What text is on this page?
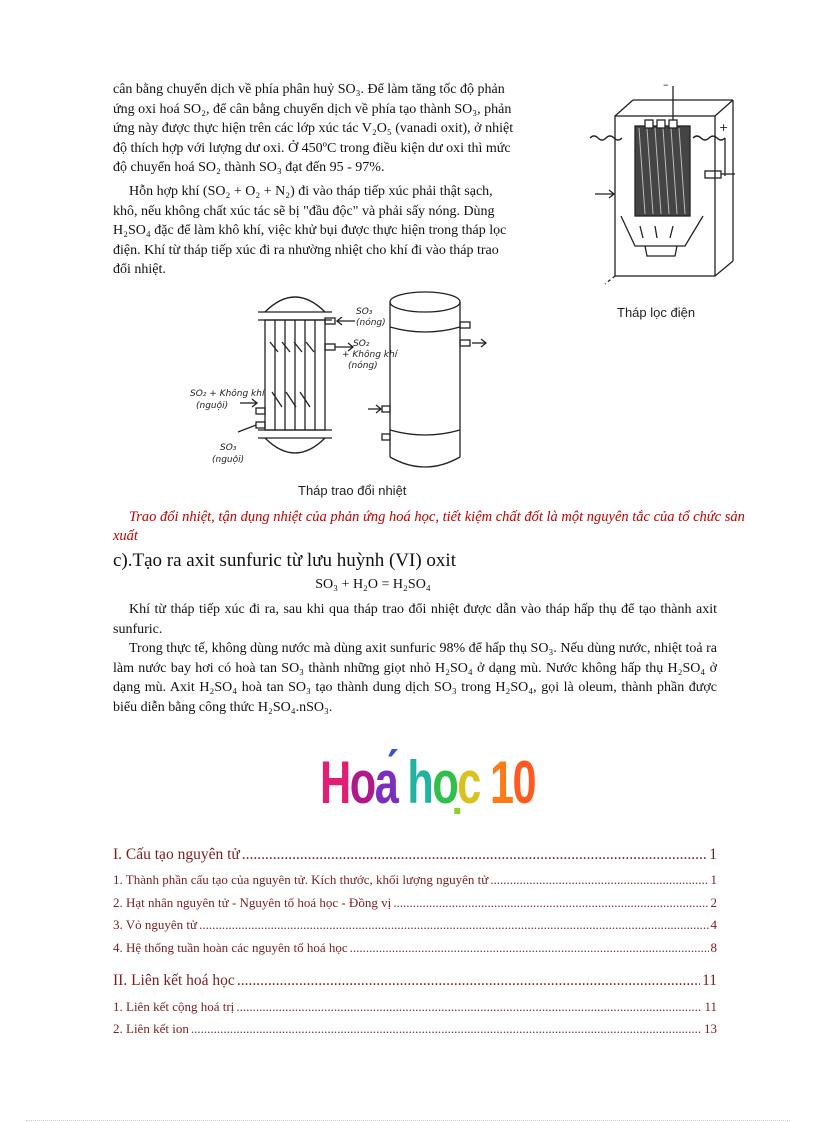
cân bằng chuyển dịch về phía phân huỷ SO₃. Để làm tăng tốc độ phản

ứng oxi hoá SO₂, để cân bằng chuyển dịch về phía tạo thành SO₃, phản

ứng này được thực hiện trên các lớp xúc tác V₂O₅ (vanadi oxit), ở nhiệt

độ thích hợp với lượng dư oxi. Ở 450ºC trong điều kiện dư oxi thì mức

độ chuyển hoá SO₂ thành SO₃ đạt đến 95 - 97%.

Hỗn hợp khí (SO₂ + O₂ + N₂) đi vào tháp tiếp xúc phải thật sạch,

khô, nếu không chất xúc tác sẽ bị "đầu độc" và phải sấy nóng. Dùng

H₂SO₄ đặc để làm khô khí, việc khử bụi được thực hiện trong tháp lọc

điện. Khí từ tháp tiếp xúc đi ra nhường nhiệt cho khí đi vào tháp trao

đổi nhiệt.

–
+
Tháp lọc điện
SO₃
(nóng)
SO₂
+ Không khí
(nóng)
SO₂ + Không khí
(nguội)
SO₃
(nguội)
Tháp trao đổi nhiệt
Trao đổi nhiệt, tận dụng nhiệt của phản ứng hoá học, tiết kiệm chất đốt là một nguyên tắc của tổ chức sản xuất
c).Tạo ra axit sunfuric từ lưu huỳnh (VI) oxit
SO₃ + H₂O = H₂SO₄

Khí từ tháp tiếp xúc đi ra, sau khi qua tháp trao đổi nhiệt được dẫn vào tháp hấp thụ để tạo thành axit sunfuric.

Trong thực tế, không dùng nước mà dùng axit sunfuric 98% để hấp thụ SO₃. Nếu dùng nước, nhiệt toả ra làm nước bay hơi có hoà tan SO₃ thành những giọt nhỏ H₂SO₄ ở dạng mù. Nước không hấp thụ H₂SO₄ ở dạng mù. Axit H₂SO₄ hoà tan SO₃ tạo thành dung dịch SO₃ trong H₂SO₄, gọi là oleum, thành phần được biểu diễn bằng công thức H₂SO₄.nSO₃.

Hoa hoc 10
I. Cấu tạo nguyên tử .....	1
1. Thành phần cấu tạo của nguyên tử. Kích thước, khối lượng nguyên tử .....	1
2. Hạt nhân nguyên tử - Nguyên tố hoá học - Đồng vị .....	2
3. Vỏ nguyên tử .....	4
4. Hệ thống tuần hoàn các nguyên tố hoá học .....	8
II. Liên kết hoá học .....	11
1. Liên kết cộng hoá trị .....	11
2. Liên kết ion .....	13
